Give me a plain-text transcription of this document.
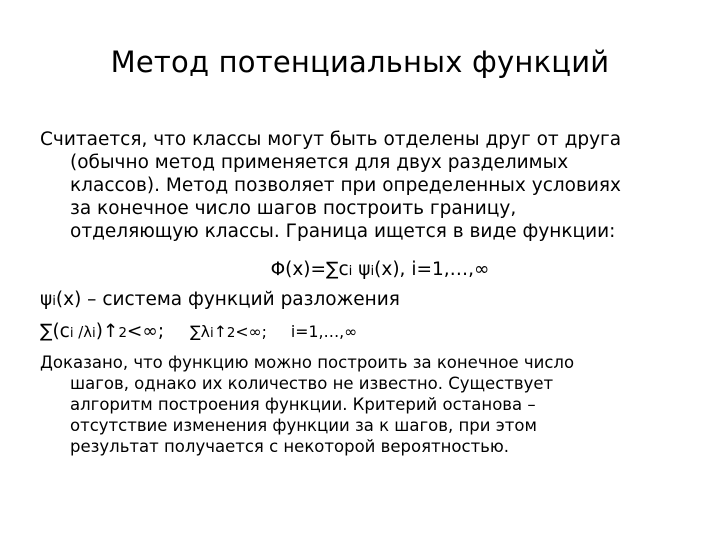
Метод потенциальных функций
Считается, что классы могут быть отделены друг от друга
(обычно метод применяется для двух разделимых
классов). Метод позволяет при определенных условиях
за конечное число шагов построить границу,
отделяющую классы. Граница ищется в виде функции:
Φ(x)=∑ci ψi(x), i=1,…,∞
ψi(x) – система функций разложения
∑(ci /λi)↑2<∞; ∑λi↑2<∞; i=1,…,∞
Доказано, что функцию можно построить за конечное число
шагов, однако их количество не известно. Существует
алгоритм построения функции. Критерий останова –
отсутствие изменения функции за к шагов, при этом
результат получается с некоторой вероятностью.
